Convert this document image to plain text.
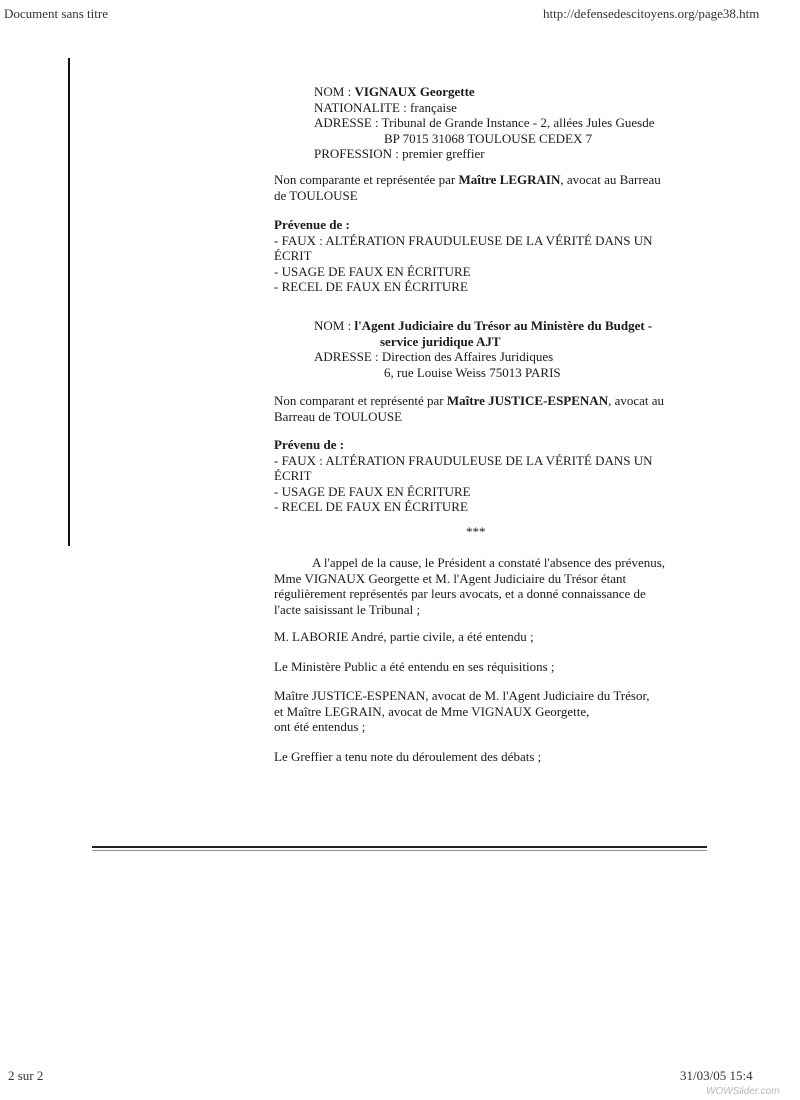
Document sans titre	http://defensedescitoyens.org/page38.htm
NOM : VIGNAUX Georgette
NATIONALITE : française
ADRESSE : Tribunal de Grande Instance - 2, allées Jules Guesde
BP 7015 31068 TOULOUSE CEDEX 7
PROFESSION : premier greffier
Non comparante et représentée par Maître LEGRAIN, avocat au Barreau
de TOULOUSE
Prévenue de :
- FAUX : ALTÉRATION FRAUDULEUSE DE LA VÉRITÉ DANS UN
ÉCRIT
- USAGE DE FAUX EN ÉCRITURE
- RECEL DE FAUX EN ÉCRITURE
NOM : l'Agent Judiciaire du Trésor au Ministère du Budget -
service juridique AJT
ADRESSE : Direction des Affaires Juridiques
6, rue Louise Weiss 75013 PARIS
Non comparant et représenté par Maître JUSTICE-ESPENAN, avocat au
Barreau de TOULOUSE
Prévenu de :
- FAUX : ALTÉRATION FRAUDULEUSE DE LA VÉRITÉ DANS UN
ÉCRIT
- USAGE DE FAUX EN ÉCRITURE
- RECEL DE FAUX EN ÉCRITURE
***
A l'appel de la cause, le Président a constaté l'absence des prévenus,
Mme VIGNAUX Georgette et M. l'Agent Judiciaire du Trésor étant
régulièrement représentés par leurs avocats, et a donné connaissance de
l'acte saisissant le Tribunal ;
M. LABORIE André, partie civile, a été entendu ;
Le Ministère Public a été entendu en ses réquisitions ;
Maître JUSTICE-ESPENAN, avocat de M. l'Agent Judiciaire du Trésor,
et Maître LEGRAIN, avocat de Mme VIGNAUX Georgette,
ont été entendus ;
Le Greffier a tenu note du déroulement des débats ;
2 sur 2	31/03/05 15:4
WOWSlider.com
